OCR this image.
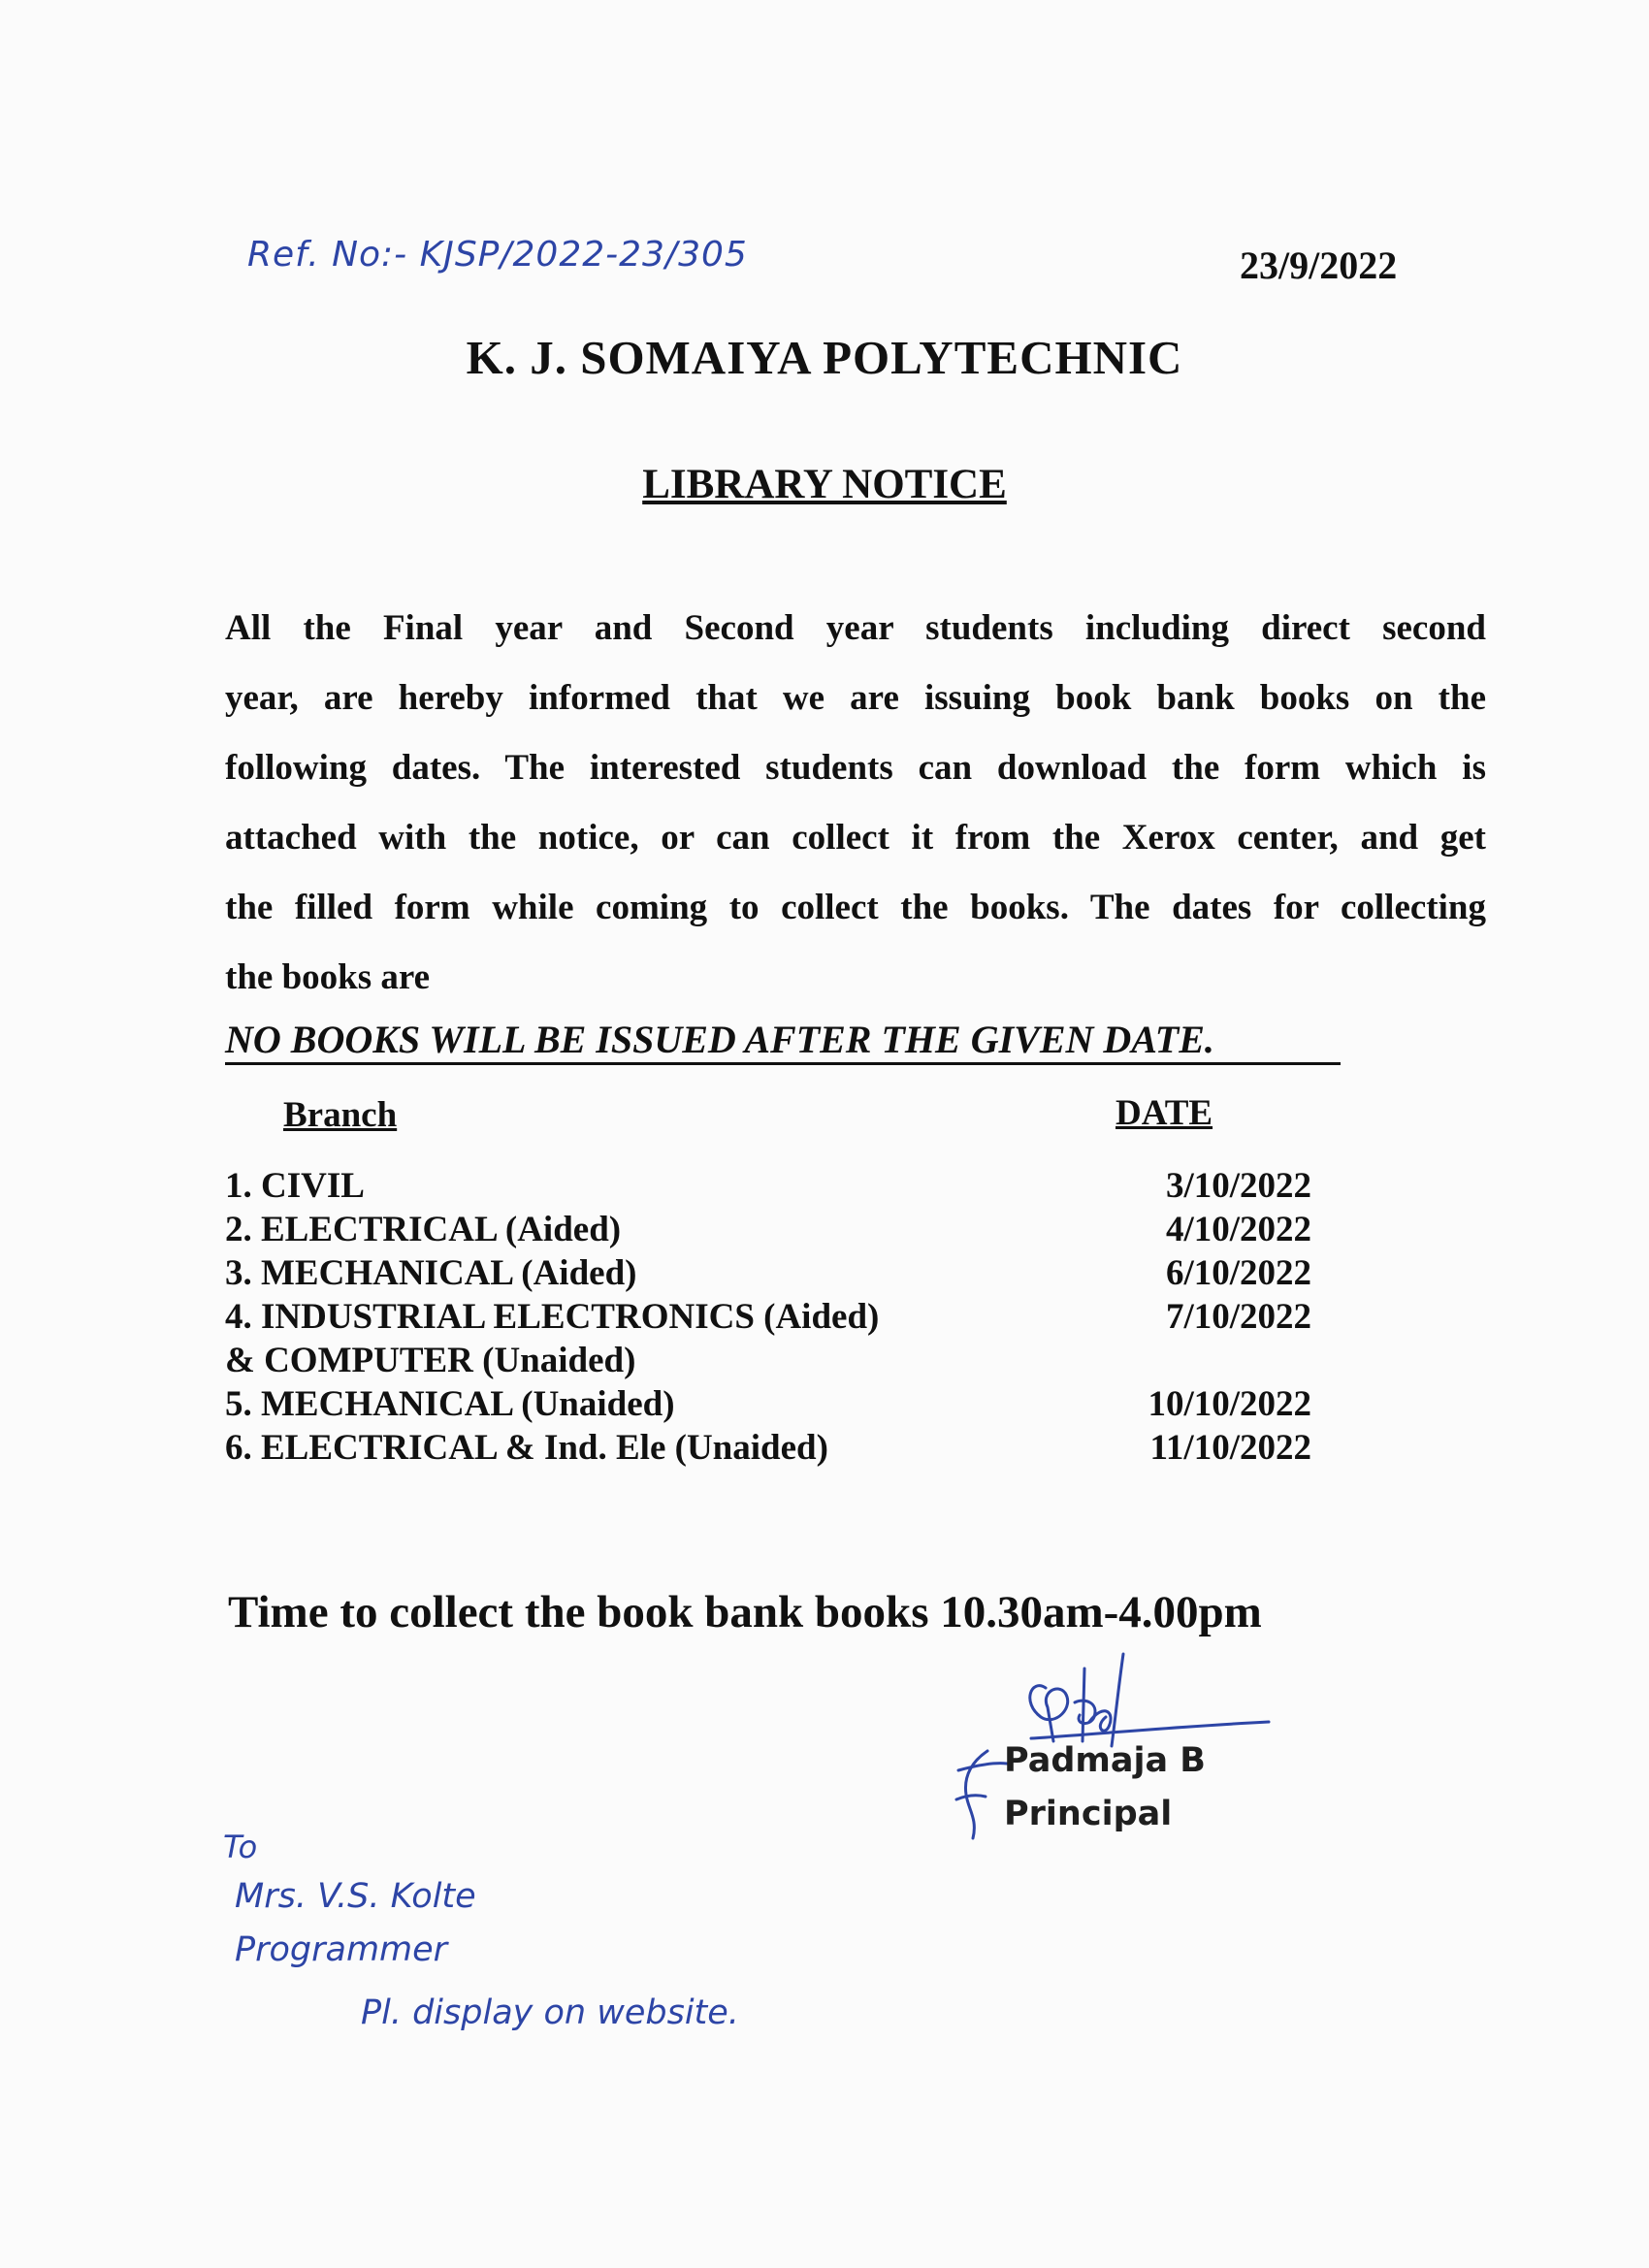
Ref. No:- KJSP/2022-23/305	23/9/2022
K. J. SOMAIYA POLYTECHNIC
LIBRARY NOTICE
All the Final year and Second year students including direct second
year, are hereby informed that we are issuing book bank books on the
following dates. The interested students can download the form which is
attached with the notice, or can collect it from the Xerox center, and get
the filled form while coming to collect the books. The dates for collecting
the books are
NO BOOKS WILL BE ISSUED AFTER THE GIVEN DATE.
Branch	DATE
1. CIVIL	3/10/2022
2. ELECTRICAL (Aided)	4/10/2022
3. MECHANICAL (Aided)	6/10/2022
4. INDUSTRIAL ELECTRONICS (Aided)	7/10/2022
& COMPUTER (Unaided)
5. MECHANICAL (Unaided)	10/10/2022
6. ELECTRICAL & Ind. Ele (Unaided)	11/10/2022
Time to collect the book bank books 10.30am-4.00pm
Padmaja B
Principal
To
Mrs. V.S. Kolte
Programmer
Pl. display on website.
